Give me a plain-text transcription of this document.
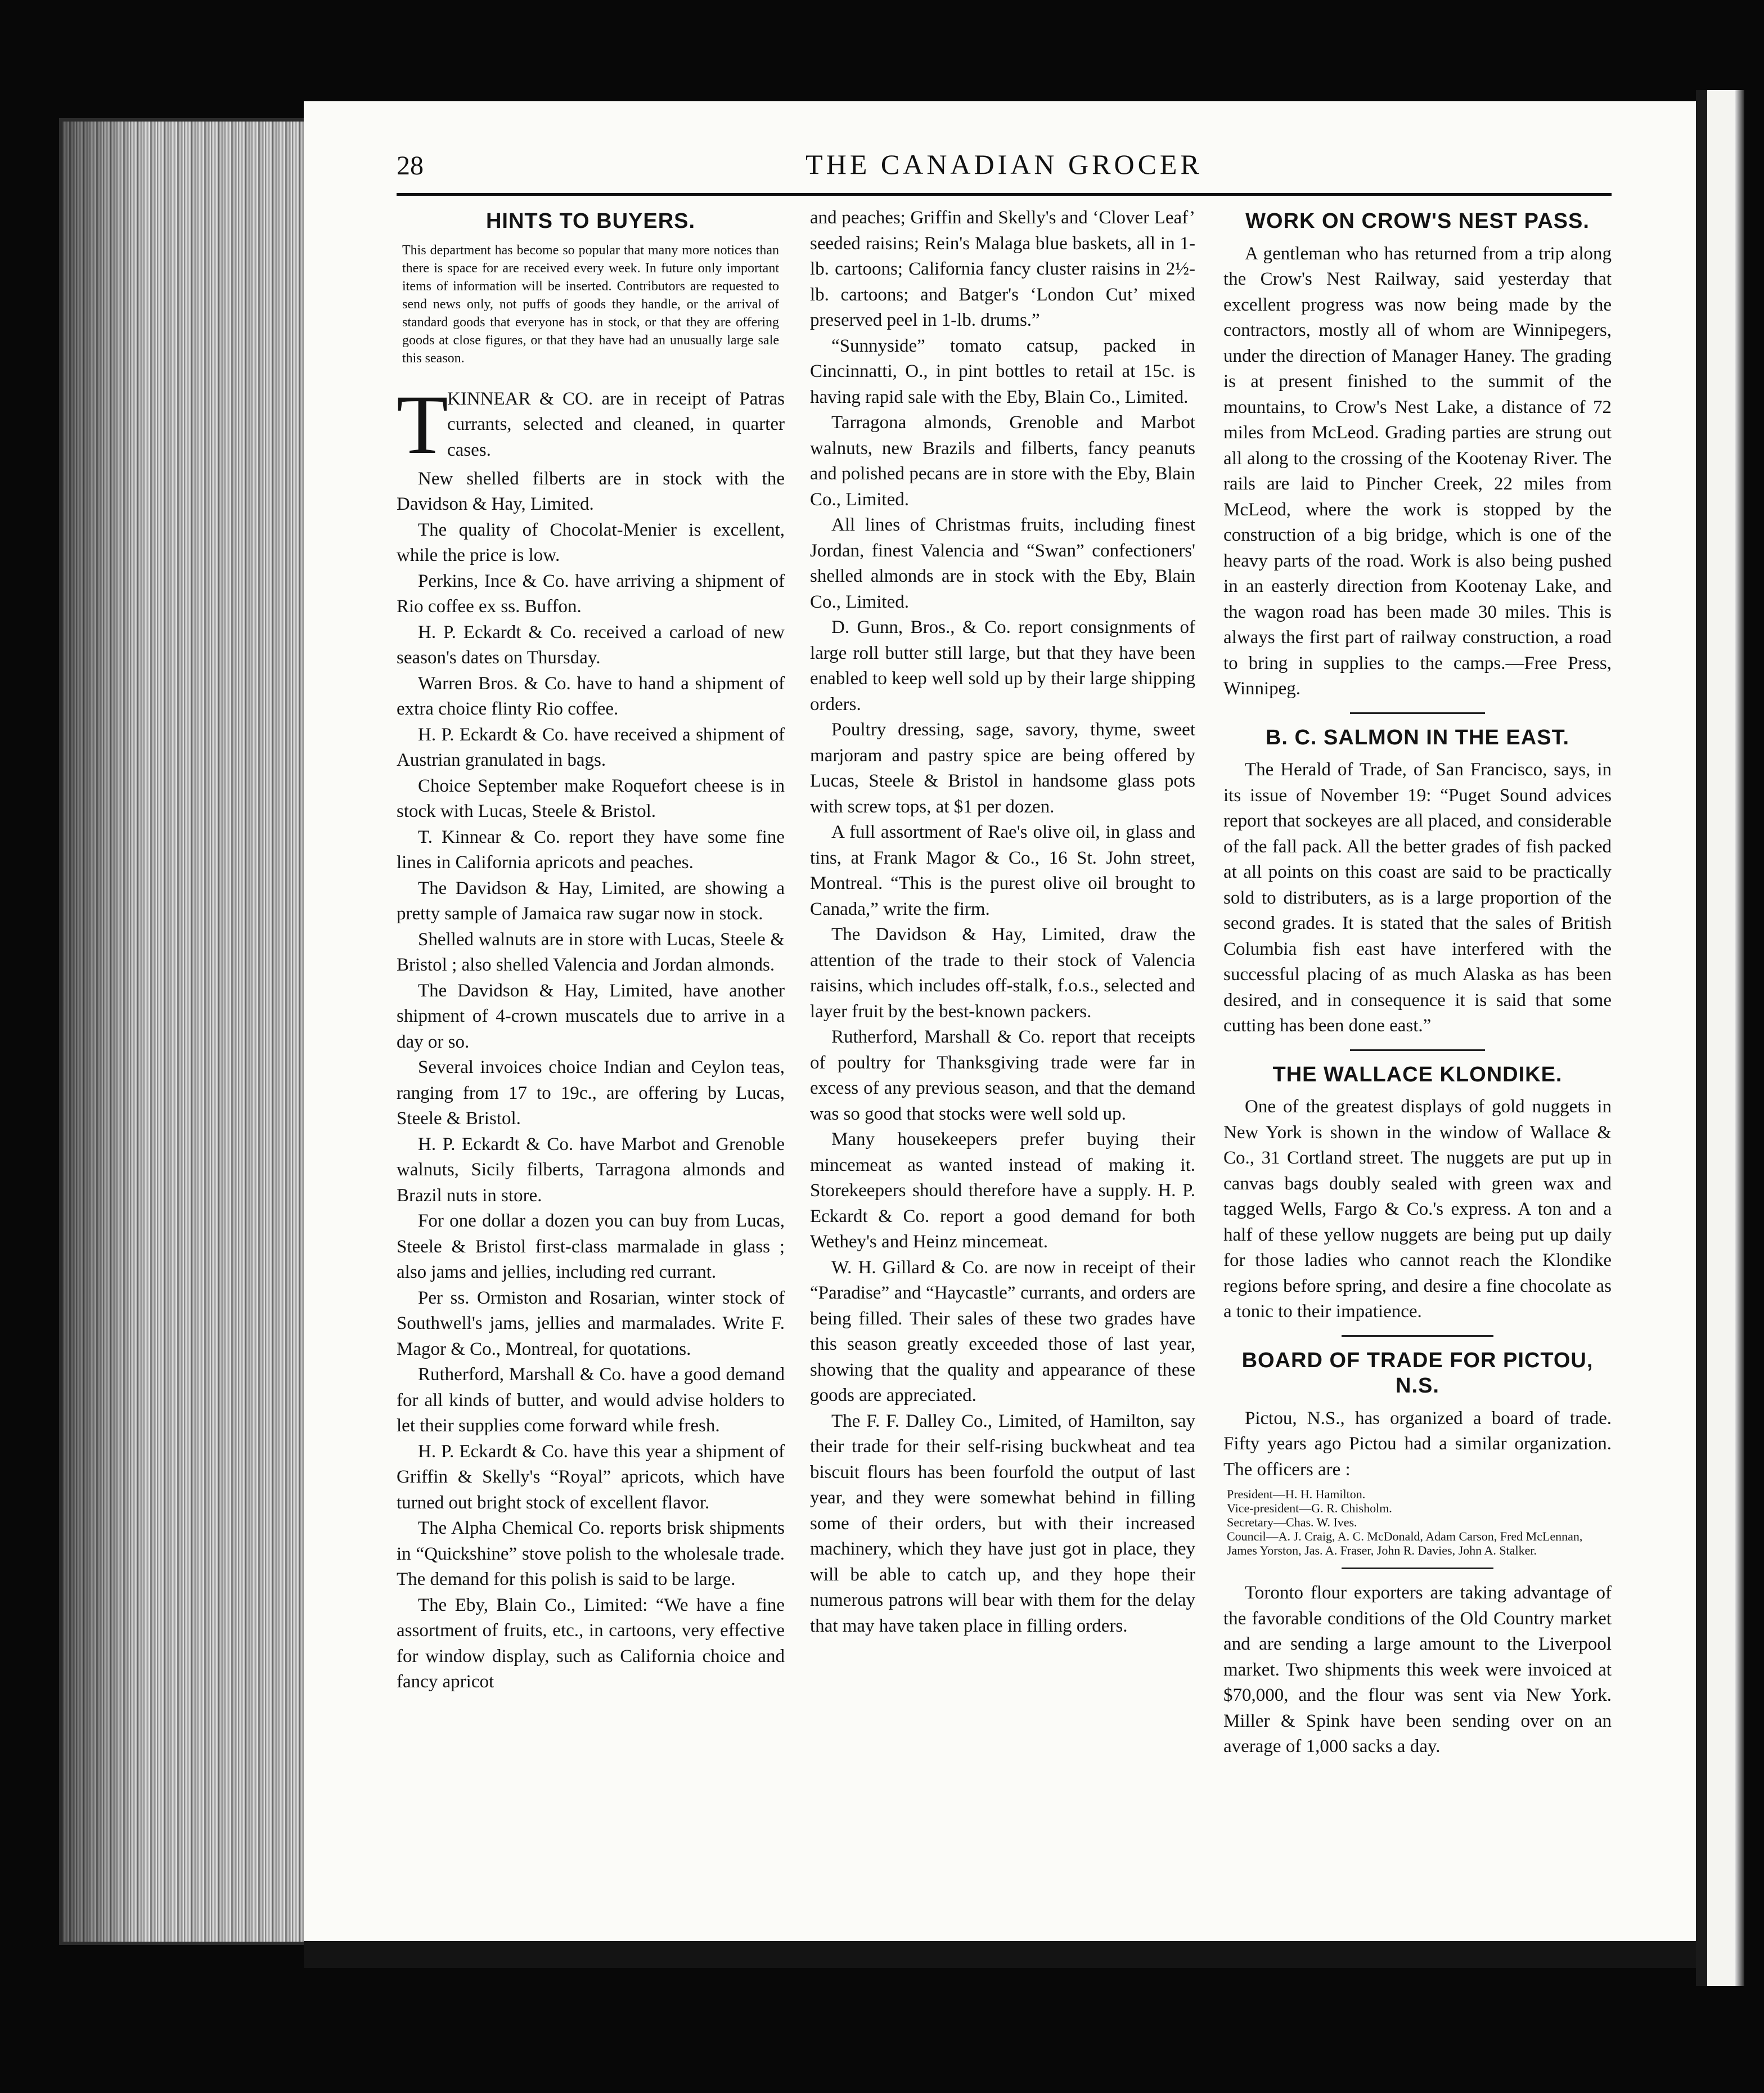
28	THE CANADIAN GROCER
HINTS TO BUYERS.
This department has become so popular that many more notices than there is space for are received every week. In future only important items of information will be inserted. Contributors are requested to send news only, not puffs of goods they handle, or the arrival of standard goods that everyone has in stock, or that they are offering goods at close figures, or that they have had an unusually large sale this season.
T
KINNEAR & CO. are in receipt of Patras currants, selected and cleaned, in quarter cases.

New shelled filberts are in stock with the Davidson & Hay, Limited.

The quality of Chocolat-Menier is excellent, while the price is low.

Perkins, Ince & Co. have arriving a shipment of Rio coffee ex ss. Buffon.

H. P. Eckardt & Co. received a carload of new season's dates on Thursday.

Warren Bros. & Co. have to hand a shipment of extra choice flinty Rio coffee.

H. P. Eckardt & Co. have received a shipment of Austrian granulated in bags.

Choice September make Roquefort cheese is in stock with Lucas, Steele & Bristol.

T. Kinnear & Co. report they have some fine lines in California apricots and peaches.

The Davidson & Hay, Limited, are showing a pretty sample of Jamaica raw sugar now in stock.

Shelled walnuts are in store with Lucas, Steele & Bristol ; also shelled Valencia and Jordan almonds.

The Davidson & Hay, Limited, have another shipment of 4-crown muscatels due to arrive in a day or so.

Several invoices choice Indian and Ceylon teas, ranging from 17 to 19c., are offering by Lucas, Steele & Bristol.

H. P. Eckardt & Co. have Marbot and Grenoble walnuts, Sicily filberts, Tarragona almonds and Brazil nuts in store.

For one dollar a dozen you can buy from Lucas, Steele & Bristol first-class marmalade in glass ; also jams and jellies, including red currant.

Per ss. Ormiston and Rosarian, winter stock of Southwell's jams, jellies and marmalades. Write F. Magor & Co., Montreal, for quotations.

Rutherford, Marshall & Co. have a good demand for all kinds of butter, and would advise holders to let their supplies come forward while fresh.

H. P. Eckardt & Co. have this year a shipment of Griffin & Skelly's “Royal” apricots, which have turned out bright stock of excellent flavor.

The Alpha Chemical Co. reports brisk shipments in “Quickshine” stove polish to the wholesale trade. The demand for this polish is said to be large.

The Eby, Blain Co., Limited: “We have a fine assortment of fruits, etc., in cartoons, very effective for window display, such as California choice and fancy apricot

and peaches; Griffin and Skelly's and ‘Clover Leaf’ seeded raisins; Rein's Malaga blue baskets, all in 1-lb. cartoons; California fancy cluster raisins in 2½-lb. cartoons; and Batger's ‘London Cut’ mixed preserved peel in 1-lb. drums.”

“Sunnyside” tomato catsup, packed in Cincinnatti, O., in pint bottles to retail at 15c. is having rapid sale with the Eby, Blain Co., Limited.

Tarragona almonds, Grenoble and Marbot walnuts, new Brazils and filberts, fancy peanuts and polished pecans are in store with the Eby, Blain Co., Limited.

All lines of Christmas fruits, including finest Jordan, finest Valencia and “Swan” confectioners' shelled almonds are in stock with the Eby, Blain Co., Limited.

D. Gunn, Bros., & Co. report consignments of large roll butter still large, but that they have been enabled to keep well sold up by their large shipping orders.

Poultry dressing, sage, savory, thyme, sweet marjoram and pastry spice are being offered by Lucas, Steele & Bristol in handsome glass pots with screw tops, at $1 per dozen.

A full assortment of Rae's olive oil, in glass and tins, at Frank Magor & Co., 16 St. John street, Montreal. “This is the purest olive oil brought to Canada,” write the firm.

The Davidson & Hay, Limited, draw the attention of the trade to their stock of Valencia raisins, which includes off-stalk, f.o.s., selected and layer fruit by the best-known packers.

Rutherford, Marshall & Co. report that receipts of poultry for Thanksgiving trade were far in excess of any previous season, and that the demand was so good that stocks were well sold up.

Many housekeepers prefer buying their mincemeat as wanted instead of making it. Storekeepers should therefore have a supply. H. P. Eckardt & Co. report a good demand for both Wethey's and Heinz mincemeat.

W. H. Gillard & Co. are now in receipt of their “Paradise” and “Haycastle” currants, and orders are being filled. Their sales of these two grades have this season greatly exceeded those of last year, showing that the quality and appearance of these goods are appreciated.

The F. F. Dalley Co., Limited, of Hamilton, say their trade for their self-rising buckwheat and tea biscuit flours has been fourfold the output of last year, and they were somewhat behind in filling some of their orders, but with their increased machinery, which they have just got in place, they will be able to catch up, and they hope their numerous patrons will bear with them for the delay that may have taken place in filling orders.

WORK ON CROW'S NEST PASS.

A gentleman who has returned from a trip along the Crow's Nest Railway, said yesterday that excellent progress was now being made by the contractors, mostly all of whom are Winnipegers, under the direction of Manager Haney. The grading is at present finished to the summit of the mountains, to Crow's Nest Lake, a distance of 72 miles from McLeod. Grading parties are strung out all along to the crossing of the Kootenay River. The rails are laid to Pincher Creek, 22 miles from McLeod, where the work is stopped by the construction of a big bridge, which is one of the heavy parts of the road. Work is also being pushed in an easterly direction from Kootenay Lake, and the wagon road has been made 30 miles. This is always the first part of railway construction, a road to bring in supplies to the camps.—Free Press, Winnipeg.

B. C. SALMON IN THE EAST.

The Herald of Trade, of San Francisco, says, in its issue of November 19: “Puget Sound advices report that sockeyes are all placed, and considerable of the fall pack. All the better grades of fish packed at all points on this coast are said to be practically sold to distributers, as is a large proportion of the second grades. It is stated that the sales of British Columbia fish east have interfered with the successful placing of as much Alaska as has been desired, and in consequence it is said that some cutting has been done east.”

THE WALLACE KLONDIKE.

One of the greatest displays of gold nuggets in New York is shown in the window of Wallace & Co., 31 Cortland street. The nuggets are put up in canvas bags doubly sealed with green wax and tagged Wells, Fargo & Co.'s express. A ton and a half of these yellow nuggets are being put up daily for those ladies who cannot reach the Klondike regions before spring, and desire a fine chocolate as a tonic to their impatience.

BOARD OF TRADE FOR PICTOU, N.S.

Pictou, N.S., has organized a board of trade. Fifty years ago Pictou had a similar organization. The officers are :

President—H. H. Hamilton.
Vice-president—G. R. Chisholm.
Secretary—Chas. W. Ives.
Council—A. J. Craig, A. C. McDonald, Adam Carson, Fred McLennan, James Yorston, Jas. A. Fraser, John R. Davies, John A. Stalker.

Toronto flour exporters are taking advantage of the favorable conditions of the Old Country market and are sending a large amount to the Liverpool market. Two shipments this week were invoiced at $70,000, and the flour was sent via New York. Miller & Spink have been sending over on an average of 1,000 sacks a day.
